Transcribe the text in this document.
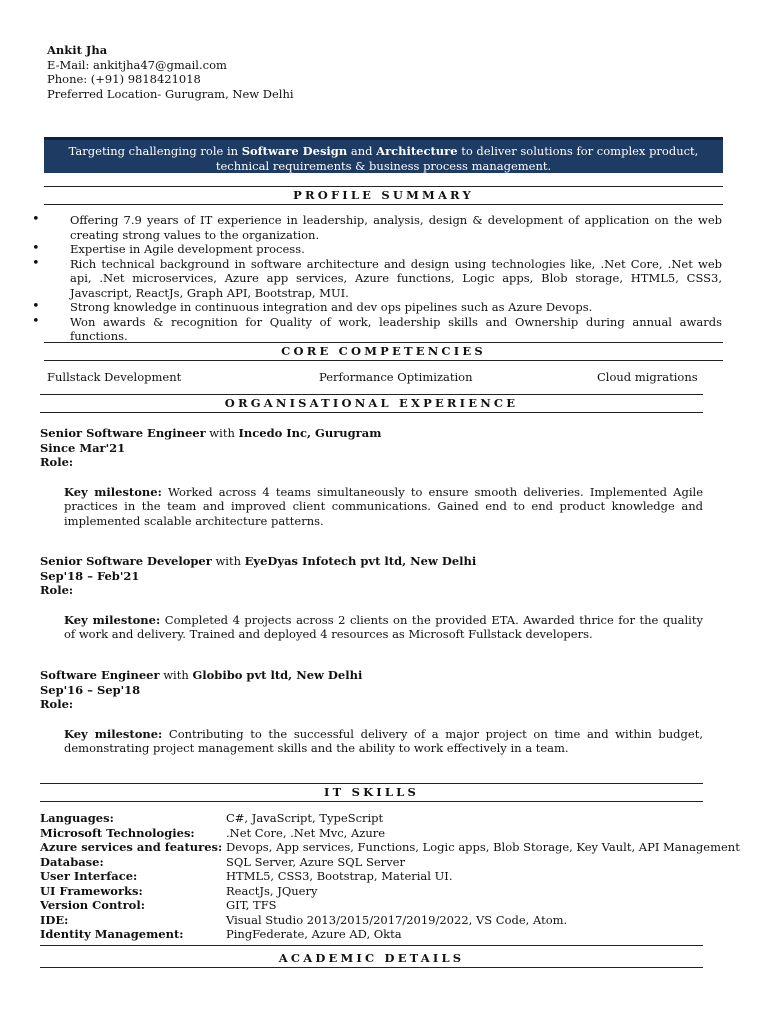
Ankit Jha
E-Mail: ankitjha47@gmail.com
Phone: (+91) 9818421018
Preferred Location- Gurugram, New Delhi
Targeting challenging role in Software Design and Architecture to deliver solutions for complex product, technical requirements & business process management.
PROFILE SUMMARY
• Offering 7.9 years of IT experience in leadership, analysis, design & development of application on the web creating strong values to the organization.
• Expertise in Agile development process.
• Rich technical background in software architecture and design using technologies like, .Net Core, .Net web api, .Net microservices, Azure app services, Azure functions, Logic apps, Blob storage, HTML5, CSS3, Javascript, ReactJs, Graph API, Bootstrap, MUI.
• Strong knowledge in continuous integration and dev ops pipelines such as Azure Devops.
• Won awards & recognition for Quality of work, leadership skills and Ownership during annual awards functions.
CORE COMPETENCIES
Fullstack Development	Performance Optimization	Cloud migrations
ORGANISATIONAL EXPERIENCE
Senior Software Engineer with Incedo Inc, Gurugram
Since Mar'21
Role:
Key milestone: Worked across 4 teams simultaneously to ensure smooth deliveries. Implemented Agile practices in the team and improved client communications. Gained end to end product knowledge and implemented scalable architecture patterns.
Senior Software Developer with EyeDyas Infotech pvt ltd, New Delhi
Sep'18 – Feb'21
Role:
Key milestone: Completed 4 projects across 2 clients on the provided ETA. Awarded thrice for the quality of work and delivery. Trained and deployed 4 resources as Microsoft Fullstack developers.
Software Engineer with Globibo pvt ltd, New Delhi
Sep'16 – Sep'18
Role:
Key milestone: Contributing to the successful delivery of a major project on time and within budget, demonstrating project management skills and the ability to work effectively in a team.
IT SKILLS
Languages:	C#, JavaScript, TypeScript
Microsoft Technologies:	.Net Core, .Net Mvc, Azure
Azure services and features:	Devops, App services, Functions, Logic apps, Blob Storage, Key Vault, API Management
Database:	SQL Server, Azure SQL Server
User Interface:	HTML5, CSS3, Bootstrap, Material UI.
UI Frameworks:	ReactJs, JQuery
Version Control:	GIT, TFS
IDE:	Visual Studio 2013/2015/2017/2019/2022, VS Code, Atom.
Identity Management:	PingFederate, Azure AD, Okta
ACADEMIC DETAILS
